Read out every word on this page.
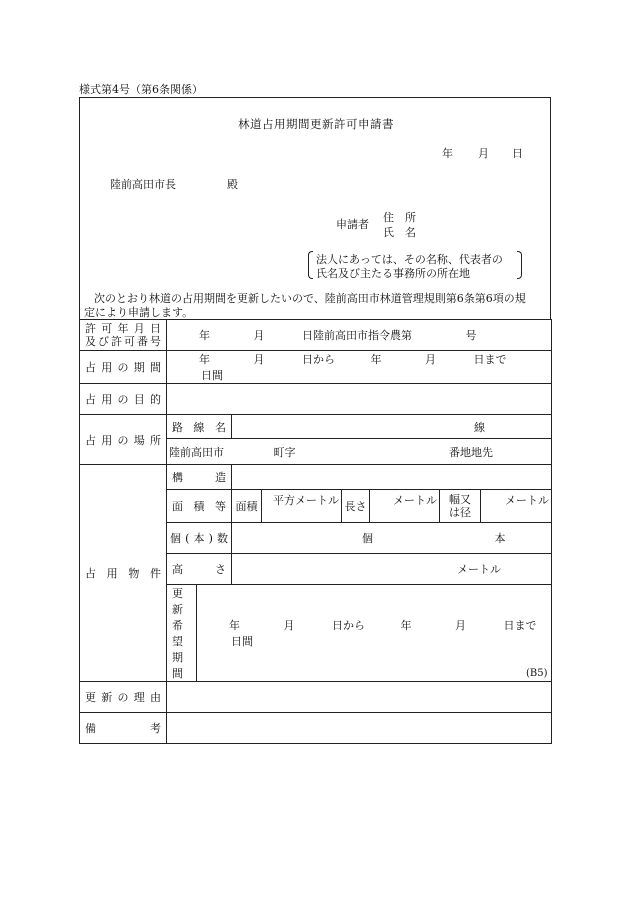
様式第4号（第6条関係）
林道占用期間更新許可申請書
年 月 日
陸前高田市長	殿
申請者
住　所
氏　名
法人にあっては、その名称、代表者の
氏名及び主たる事務所の所在地
次のとおり林道の占用期間を更新したいので、陸前高田市林道管理規則第6条第6項の規
定により申請します。
許可年月日
及び許可番号	年 月 日陸前高田市指令農第 号							
占用の期間	年 月 日から 年 月 日まで 日間							
占用の目的								
占用の場所	路線名		線					
	陸前高田市 町字 番地地先							
占用物件	構造							
	面積等		面積	平方メートル	長さ	メートル	幅又は径	メートル
	個(本)数		個 本					
	高さ		メートル					
	更新希望期間	年 月 日から 年 月 日まで 日間						
更新の理由								
備考								
(B5)
